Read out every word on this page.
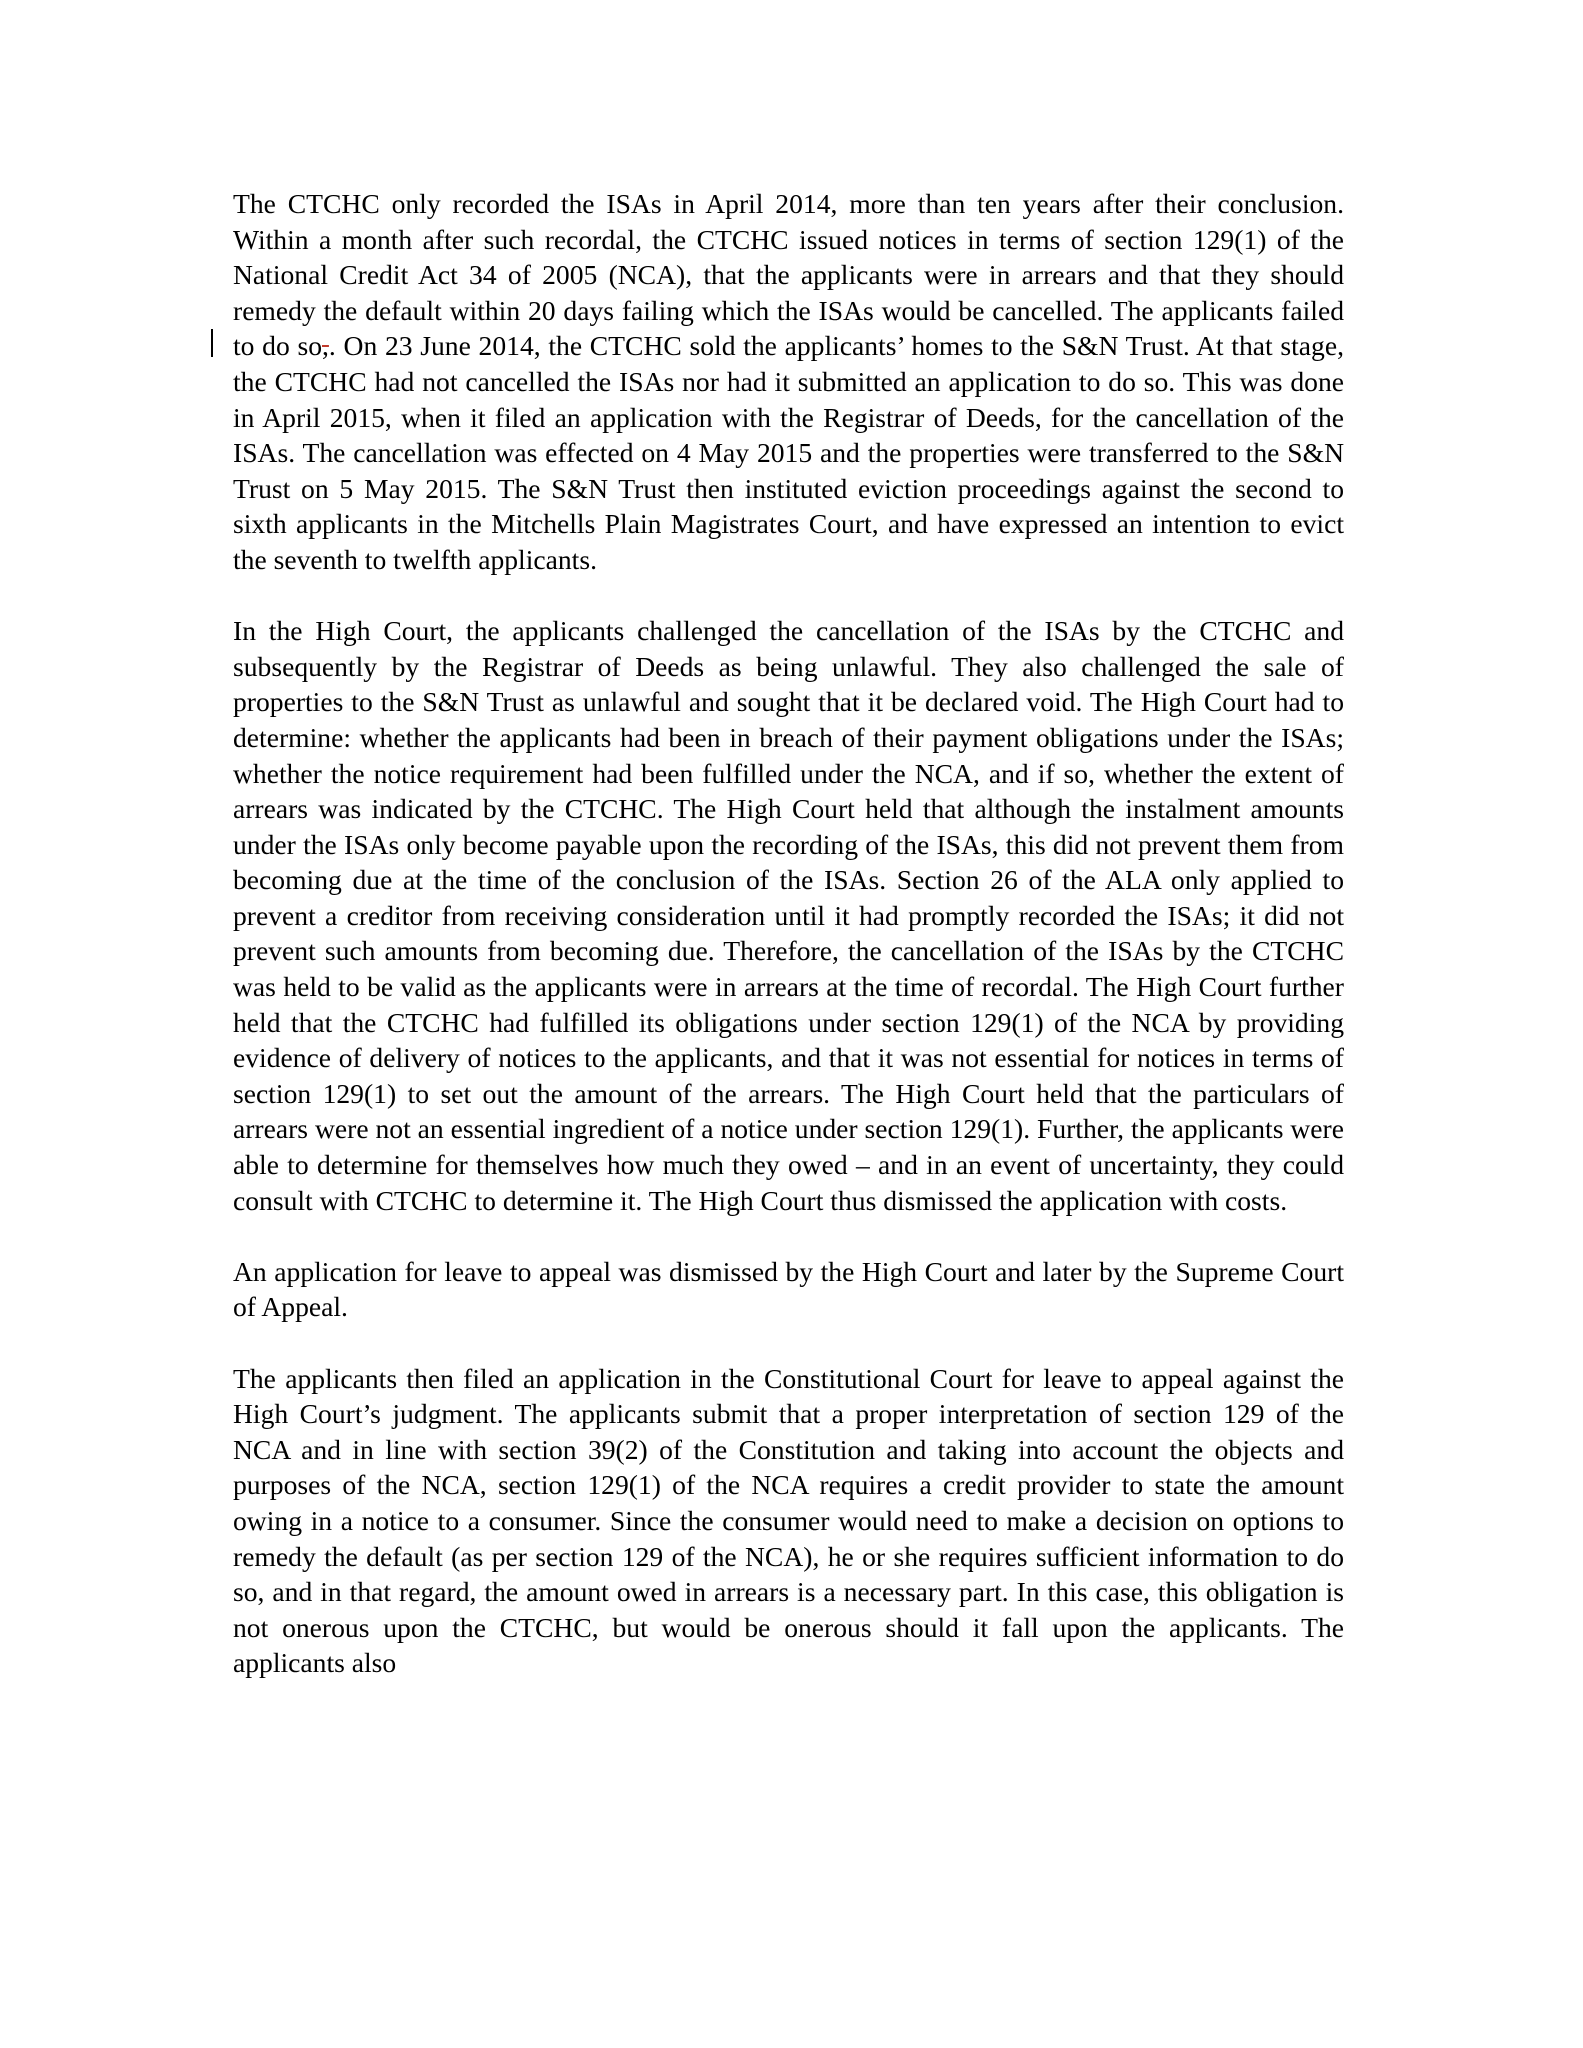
The CTCHC only recorded the ISAs in April 2014, more than ten years after their conclusion. Within a month after such recordal, the CTCHC issued notices in terms of section 129(1) of the National Credit Act 34 of 2005 (NCA), that the applicants were in arrears and that they should remedy the default within 20 days failing which the ISAs would be cancelled. The applicants failed to do so,. On 23 June 2014, the CTCHC sold the applicants’ homes to the S&N Trust. At that stage, the CTCHC had not cancelled the ISAs nor had it submitted an application to do so. This was done in April 2015, when it filed an application with the Registrar of Deeds, for the cancellation of the ISAs. The cancellation was effected on 4 May 2015 and the properties were transferred to the S&N Trust on 5 May 2015. The S&N Trust then instituted eviction proceedings against the second to sixth applicants in the Mitchells Plain Magistrates Court, and have expressed an intention to evict the seventh to twelfth applicants.

In the High Court, the applicants challenged the cancellation of the ISAs by the CTCHC and subsequently by the Registrar of Deeds as being unlawful. They also challenged the sale of properties to the S&N Trust as unlawful and sought that it be declared void. The High Court had to determine: whether the applicants had been in breach of their payment obligations under the ISAs; whether the notice requirement had been fulfilled under the NCA, and if so, whether the extent of arrears was indicated by the CTCHC. The High Court held that although the instalment amounts under the ISAs only become payable upon the recording of the ISAs, this did not prevent them from becoming due at the time of the conclusion of the ISAs. Section 26 of the ALA only applied to prevent a creditor from receiving consideration until it had promptly recorded the ISAs; it did not prevent such amounts from becoming due. Therefore, the cancellation of the ISAs by the CTCHC was held to be valid as the applicants were in arrears at the time of recordal. The High Court further held that the CTCHC had fulfilled its obligations under section 129(1) of the NCA by providing evidence of delivery of notices to the applicants, and that it was not essential for notices in terms of section 129(1) to set out the amount of the arrears. The High Court held that the particulars of arrears were not an essential ingredient of a notice under section 129(1). Further, the applicants were able to determine for themselves how much they owed – and in an event of uncertainty, they could consult with CTCHC to determine it. The High Court thus dismissed the application with costs.

An application for leave to appeal was dismissed by the High Court and later by the Supreme Court of Appeal.

The applicants then filed an application in the Constitutional Court for leave to appeal against the High Court’s judgment. The applicants submit that a proper interpretation of section 129 of the NCA and in line with section 39(2) of the Constitution and taking into account the objects and purposes of the NCA, section 129(1) of the NCA requires a credit provider to state the amount owing in a notice to a consumer. Since the consumer would need to make a decision on options to remedy the default (as per section 129 of the NCA), he or she requires sufficient information to do so, and in that regard, the amount owed in arrears is a necessary part. In this case, this obligation is not onerous upon the CTCHC, but would be onerous should it fall upon the applicants. The applicants also
